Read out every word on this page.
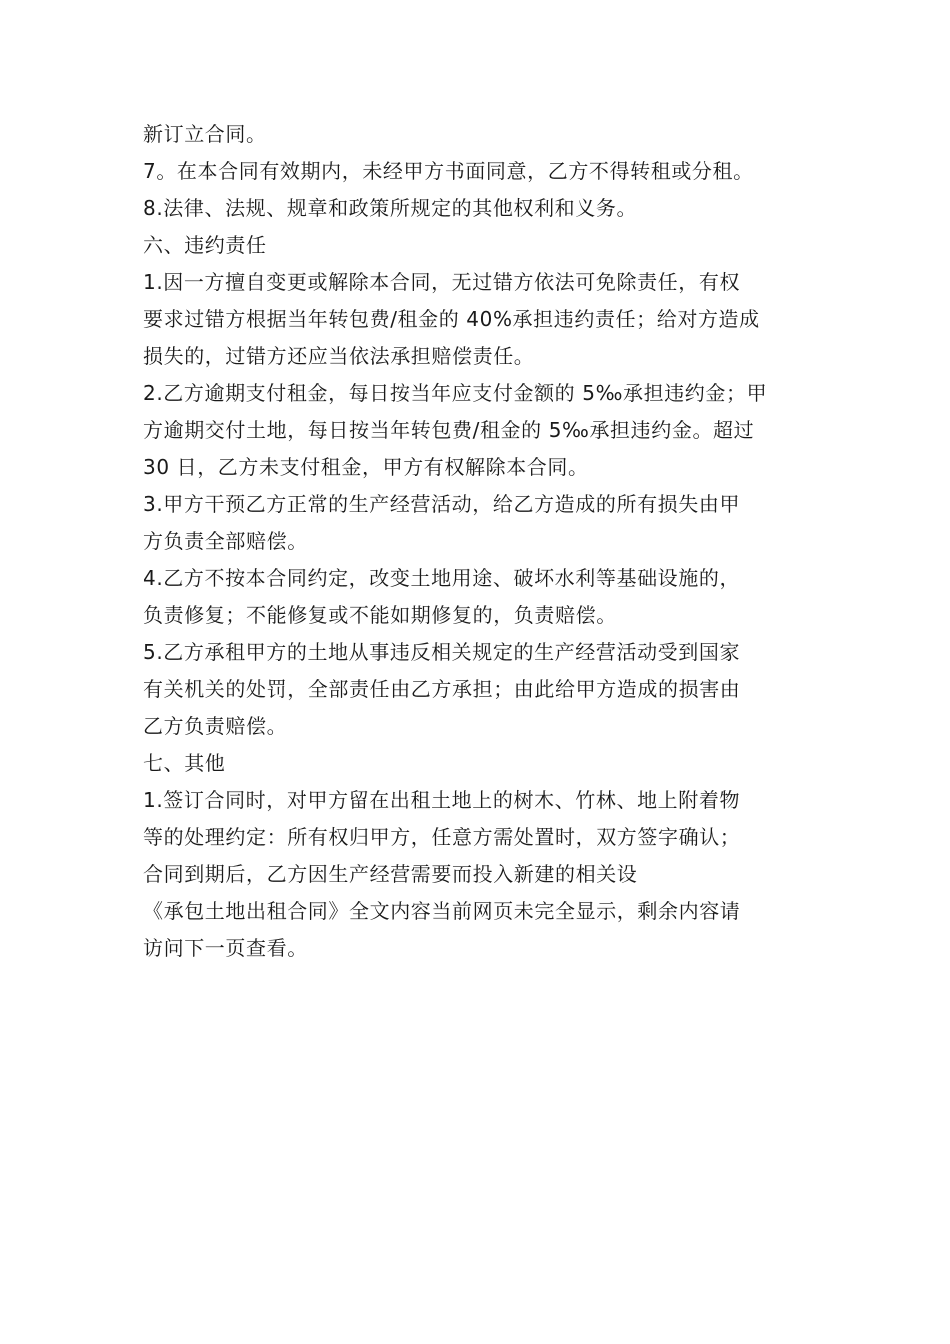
新订立合同。

7。在本合同有效期内，未经甲方书面同意，乙方不得转租或分租。

8.法律、法规、规章和政策所规定的其他权利和义务。

六、违约责任

1.因一方擅自变更或解除本合同，无过错方依法可免除责任，有权

要求过错方根据当年转包费/租金的 40%承担违约责任；给对方造成

损失的，过错方还应当依法承担赔偿责任。

2.乙方逾期支付租金，每日按当年应支付金额的 5‰承担违约金；甲

方逾期交付土地，每日按当年转包费/租金的 5‰承担违约金。超过

30 日，乙方未支付租金，甲方有权解除本合同。

3.甲方干预乙方正常的生产经营活动，给乙方造成的所有损失由甲

方负责全部赔偿。

4.乙方不按本合同约定，改变土地用途、破坏水利等基础设施的，

负责修复；不能修复或不能如期修复的，负责赔偿。

5.乙方承租甲方的土地从事违反相关规定的生产经营活动受到国家

有关机关的处罚，全部责任由乙方承担；由此给甲方造成的损害由

乙方负责赔偿。

七、其他

1.签订合同时，对甲方留在出租土地上的树木、竹林、地上附着物

等的处理约定：所有权归甲方，任意方需处置时，双方签字确认；

合同到期后，乙方因生产经营需要而投入新建的相关设

《承包土地出租合同》全文内容当前网页未完全显示，剩余内容请

访问下一页查看。
